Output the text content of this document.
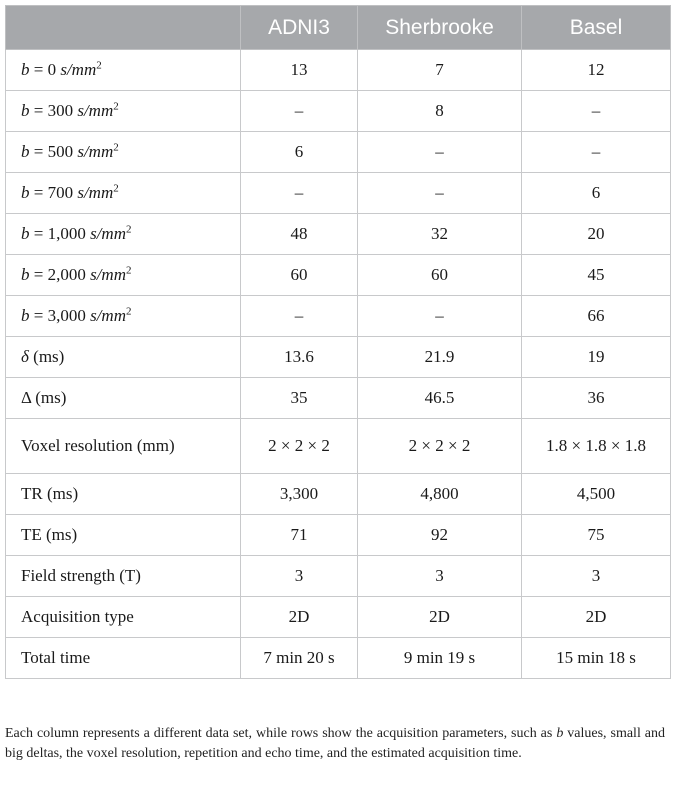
	ADNI3	Sherbrooke	Basel
b = 0 $s/mm^2$	13	7	12
b = 300 $s/mm^2$	–	8	–
b = 500 $s/mm^2$	6	–	–
b = 700 $s/mm^2$	–	–	6
b = 1,000 $s/mm^2$	48	32	20
b = 2,000 $s/mm^2$	60	60	45
b = 3,000 $s/mm^2$	–	–	66
δ (ms)	13.6	21.9	19
Δ (ms)	35	46.5	36
Voxel resolution (mm)	2 × 2 × 2	2 × 2 × 2	1.8 × 1.8 × 1.8
TR (ms)	3,300	4,800	4,500
TE (ms)	71	92	75
Field strength (T)	3	3	3
Acquisition type	2D	2D	2D
Total time	7 min 20 s	9 min 19 s	15 min 18 s

Each column represents a different data set, while rows show the acquisition parameters, such as b values, small and big deltas, the voxel resolution, repetition and echo time, and the estimated acquisition time.
